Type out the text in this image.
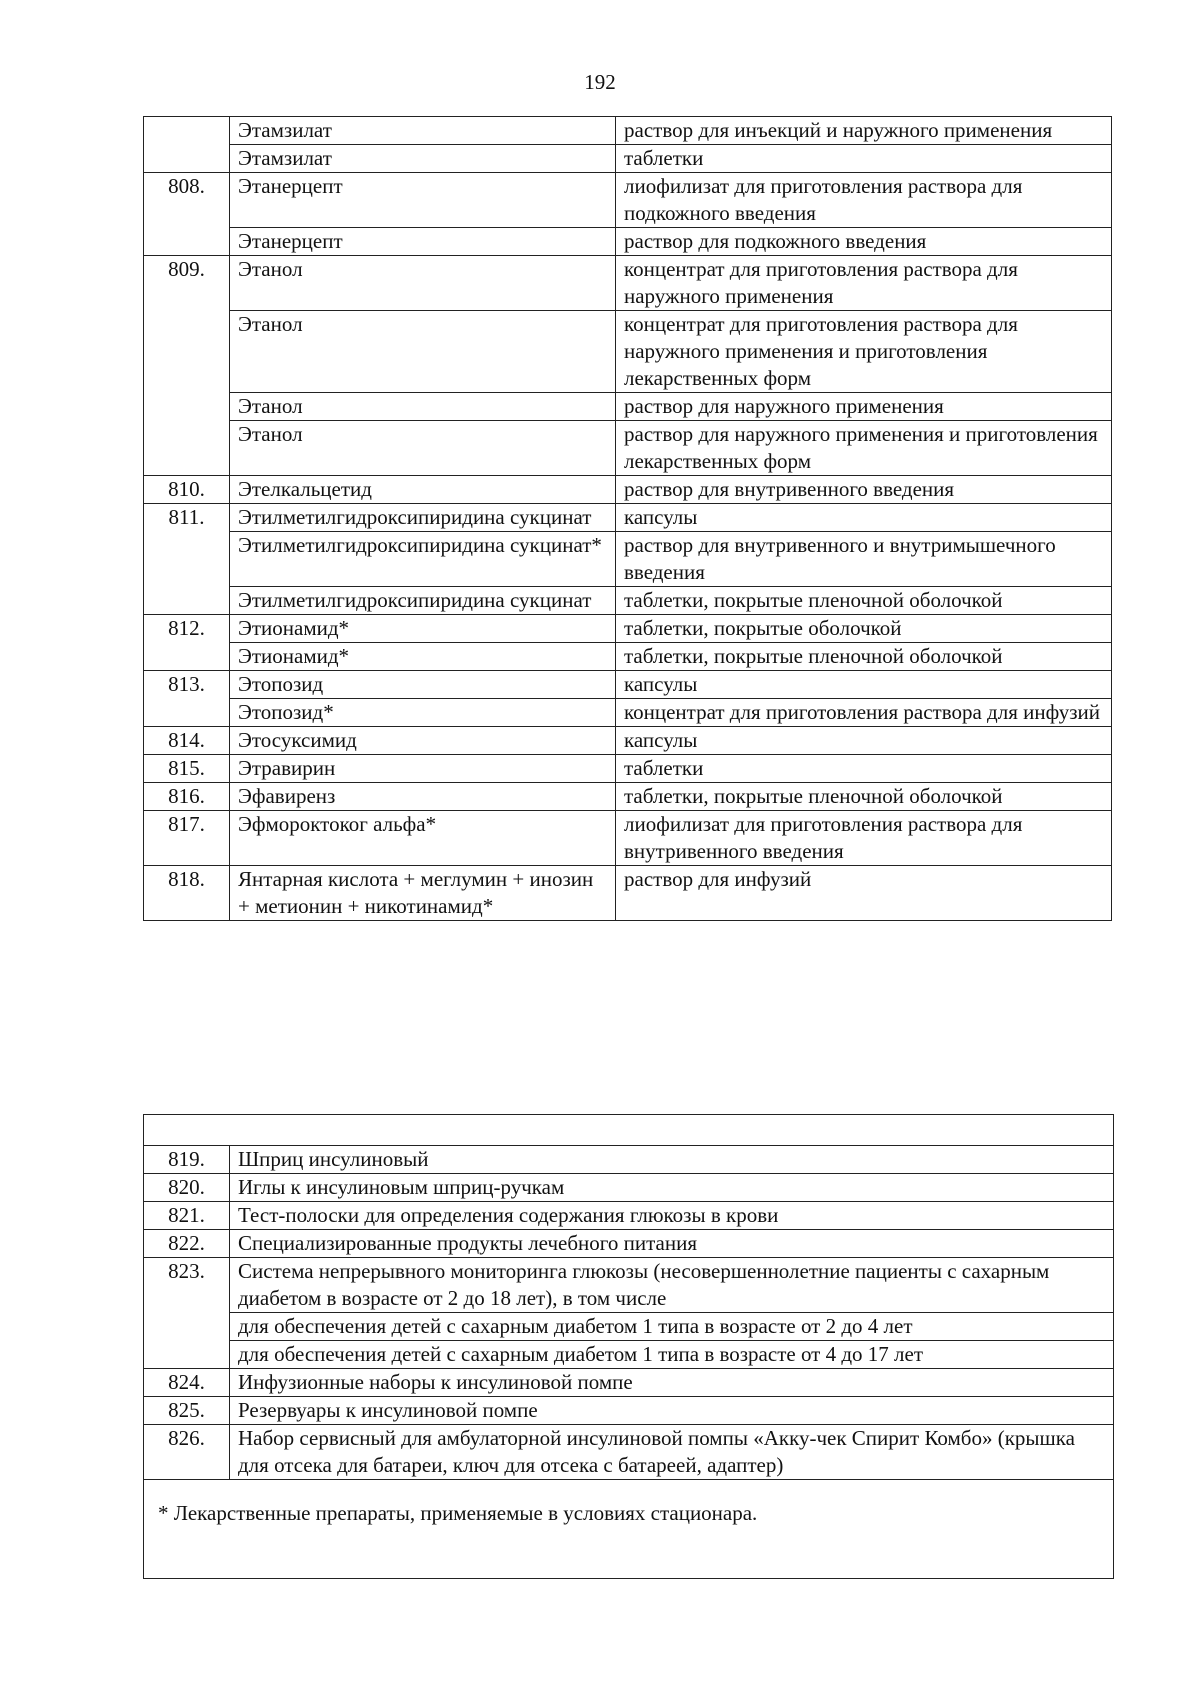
192
	Этамзилат	раствор для инъекций и наружного применения
	Этамзилат	таблетки
808.	Этанерцепт	лиофилизат для приготовления раствора для подкожного введения
	Этанерцепт	раствор для подкожного введения
809.	Этанол	концентрат для приготовления раствора для наружного применения
	Этанол	концентрат для приготовления раствора для наружного применения и приготовления лекарственных форм
	Этанол	раствор для наружного применения
	Этанол	раствор для наружного применения и приготовления лекарственных форм
810.	Этелкальцетид	раствор для внутривенного введения
811.	Этилметилгидроксипиридина сукцинат	капсулы
	Этилметилгидроксипиридина сукцинат*	раствор для внутривенного и внутримышечного введения
	Этилметилгидроксипиридина сукцинат	таблетки, покрытые пленочной оболочкой
812.	Этионамид*	таблетки, покрытые оболочкой
	Этионамид*	таблетки, покрытые пленочной оболочкой
813.	Этопозид	капсулы
	Этопозид*	концентрат для приготовления раствора для инфузий
814.	Этосуксимид	капсулы
815.	Этравирин	таблетки
816.	Эфавиренз	таблетки, покрытые пленочной оболочкой
817.	Эфмороктоког альфа*	лиофилизат для приготовления раствора для внутривенного введения
818.	Янтарная кислота + меглумин + инозин + метионин + никотинамид*	раствор для инфузий

819.	Шприц инсулиновый
820.	Иглы к инсулиновым шприц-ручкам
821.	Тест-полоски для определения содержания глюкозы в крови
822.	Специализированные продукты лечебного питания
823.	Система непрерывного мониторинга глюкозы (несовершеннолетние пациенты с сахарным диабетом в возрасте от 2 до 18 лет), в том числе
	для обеспечения детей с сахарным диабетом 1 типа в возрасте от 2 до 4 лет
	для обеспечения детей с сахарным диабетом 1 типа в возрасте от 4 до 17 лет
824.	Инфузионные наборы к инсулиновой помпе
825.	Резервуары к инсулиновой помпе
826.	Набор сервисный для амбулаторной инсулиновой помпы «Акку-чек Спирит Комбо» (крышка для отсека для батареи, ключ для отсека с батареей, адаптер)
* Лекарственные препараты, применяемые в условиях стационара.	
